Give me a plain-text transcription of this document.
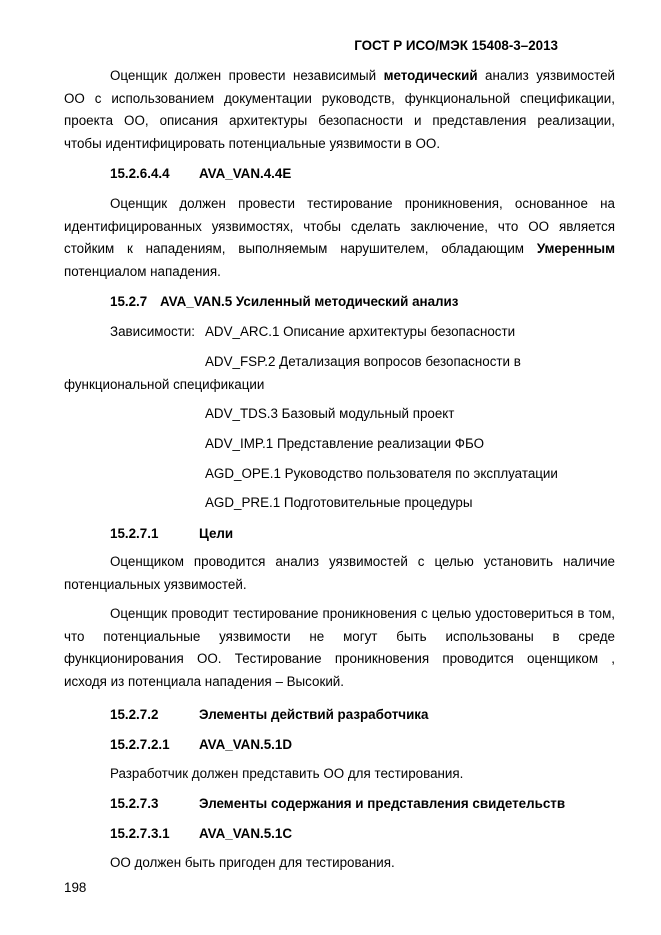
ГОСТ Р ИСО/МЭК 15408-3–2013
Оценщик должен провести независимый методический анализ уязвимостей
ОО с использованием документации руководств, функциональной спецификации,
проекта ОО, описания архитектуры безопасности и представления реализации,
чтобы идентифицировать потенциальные уязвимости в ОО.
15.2.6.4.4 AVA_VAN.4.4E
Оценщик должен провести тестирование проникновения, основанное на
идентифицированных уязвимостях, чтобы сделать заключение, что ОО является
стойким к нападениям, выполняемым нарушителем, обладающим Умеренным
потенциалом нападения.
15.2.7 AVA_VAN.5 Усиленный методический анализ
Зависимости: ADV_ARC.1 Описание архитектуры безопасности
ADV_FSP.2 Детализация вопросов безопасности в
функциональной спецификации
ADV_TDS.3 Базовый модульный проект
ADV_IMP.1 Представление реализации ФБО
AGD_OPE.1 Руководство пользователя по эксплуатации
AGD_PRE.1 Подготовительные процедуры
15.2.7.1	Цели
Оценщиком проводится анализ уязвимостей с целью установить наличие
потенциальных уязвимостей.
Оценщик проводит тестирование проникновения с целью удостовериться в том,
что потенциальные уязвимости не могут быть использованы в среде
функционирования ОО. Тестирование проникновения проводится оценщиком ,
исходя из потенциала нападения – Высокий.
15.2.7.2	Элементы действий разработчика
15.2.7.2.1 AVA_VAN.5.1D
Разработчик должен представить ОО для тестирования.
15.2.7.3	Элементы содержания и представления свидетельств
15.2.7.3.1 AVA_VAN.5.1C
ОО должен быть пригоден для тестирования.
198
